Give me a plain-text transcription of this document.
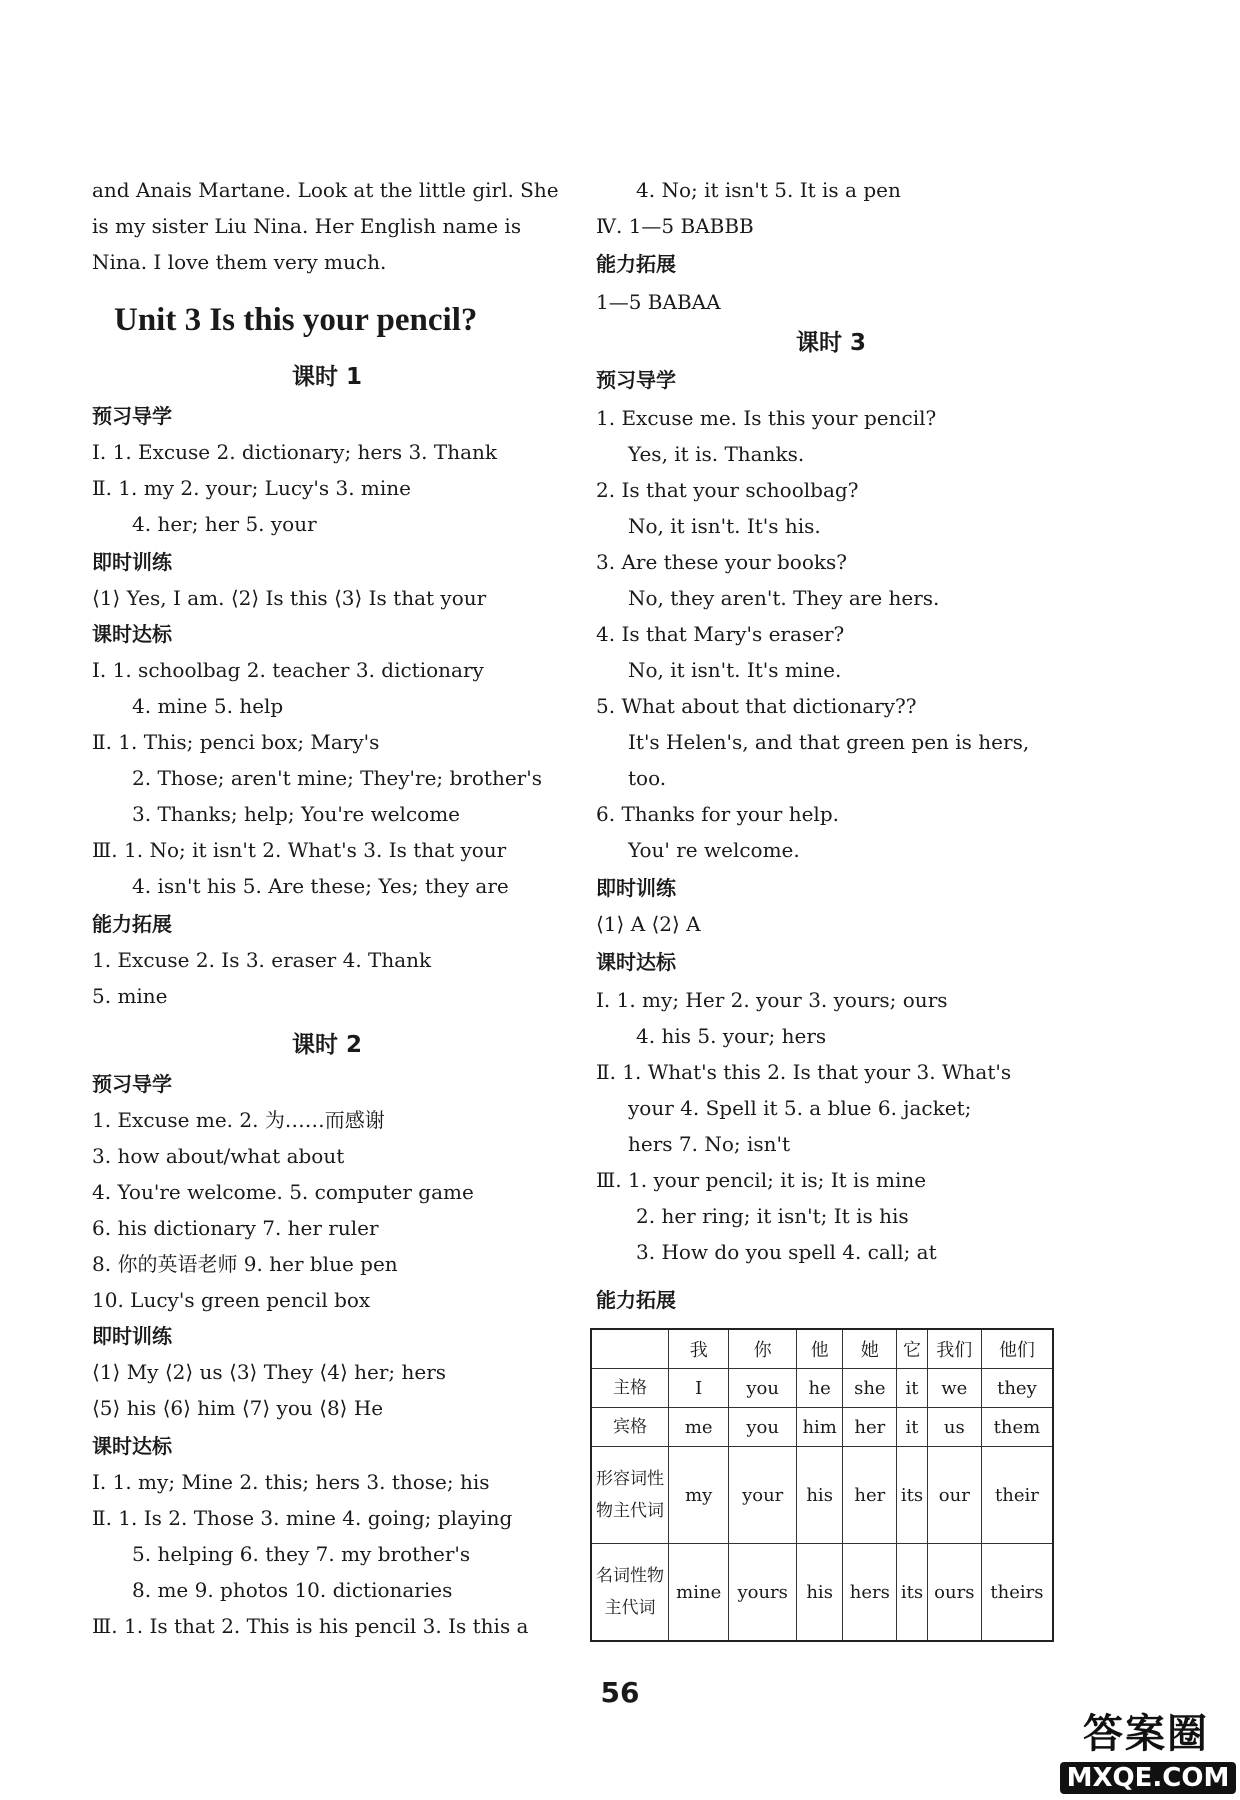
and Anais Martane. Look at the little girl. She
is my sister Liu Nina. Her English name is
Nina. I love them very much.
Unit 3 Is this your pencil?
课时 1
预习导学
Ⅰ. 1. Excuse 2. dictionary; hers 3. Thank
Ⅱ. 1. my 2. your; Lucy's 3. mine
4. her; her 5. your
即时训练
⟨1⟩ Yes, I am. ⟨2⟩ Is this ⟨3⟩ Is that your
课时达标
Ⅰ. 1. schoolbag 2. teacher 3. dictionary
4. mine 5. help
Ⅱ. 1. This; penci box; Mary's
2. Those; aren't mine; They're; brother's
3. Thanks; help; You're welcome
Ⅲ. 1. No; it isn't 2. What's 3. Is that your
4. isn't his 5. Are these; Yes; they are
能力拓展
1. Excuse 2. Is 3. eraser 4. Thank
5. mine
课时 2
预习导学
1. Excuse me. 2. 为……而感谢
3. how about/what about
4. You're welcome. 5. computer game
6. his dictionary 7. her ruler
8. 你的英语老师 9. her blue pen
10. Lucy's green pencil box
即时训练
⟨1⟩ My ⟨2⟩ us ⟨3⟩ They ⟨4⟩ her; hers
⟨5⟩ his ⟨6⟩ him ⟨7⟩ you ⟨8⟩ He
课时达标
Ⅰ. 1. my; Mine 2. this; hers 3. those; his
Ⅱ. 1. Is 2. Those 3. mine 4. going; playing
5. helping 6. they 7. my brother's
8. me 9. photos 10. dictionaries
Ⅲ. 1. Is that 2. This is his pencil 3. Is this a
4. No; it isn't 5. It is a pen
Ⅳ. 1—5 BABBB
能力拓展
1—5 BABAA
课时 3
预习导学
1. Excuse me. Is this your pencil?
Yes, it is. Thanks.
2. Is that your schoolbag?
No, it isn't. It's his.
3. Are these your books?
No, they aren't. They are hers.
4. Is that Mary's eraser?
No, it isn't. It's mine.
5. What about that dictionary??
It's Helen's, and that green pen is hers,
too.
6. Thanks for your help.
You' re welcome.
即时训练
⟨1⟩ A ⟨2⟩ A
课时达标
Ⅰ. 1. my; Her 2. your 3. yours; ours
4. his 5. your; hers
Ⅱ. 1. What's this 2. Is that your 3. What's
your 4. Spell it 5. a blue 6. jacket;
hers 7. No; isn't
Ⅲ. 1. your pencil; it is; It is mine
2. her ring; it isn't; It is his
3. How do you spell 4. call; at
能力拓展
	我	你	他	她	它	我们	他们
主格	I	you	he	she	it	we	they
宾格	me	you	him	her	it	us	them
形容词性物主代词	my	your	his	her	its	our	their
名词性物主代词	mine	yours	his	hers	its	ours	theirs
56
答案圈
MXQE.COM
